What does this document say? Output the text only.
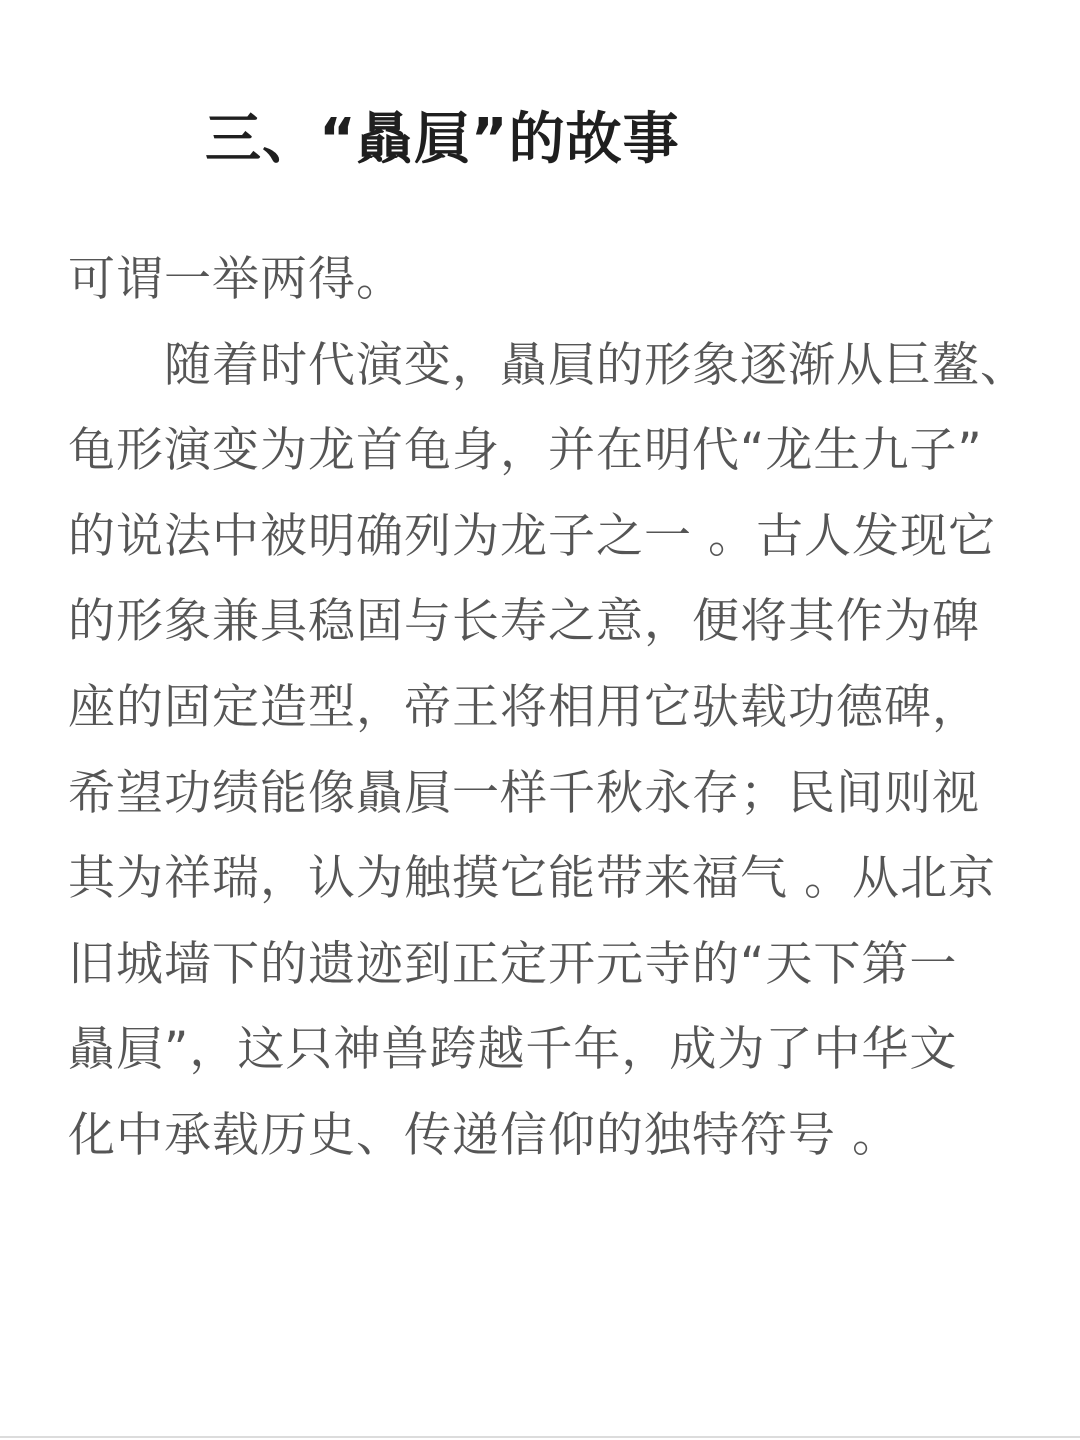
三、“贔屓”的故事
可谓一举两得。
　　随着时代演变，贔屓的形象逐渐从巨鳌、
龟形演变为龙首龟身，并在明代“龙生九子”
的说法中被明确列为龙子之一 。古人发现它
的形象兼具稳固与长寿之意，便将其作为碑
座的固定造型，帝王将相用它驮载功德碑，
希望功绩能像贔屓一样千秋永存；民间则视
其为祥瑞，认为触摸它能带来福气 。从北京
旧城墙下的遗迹到正定开元寺的“天下第一
贔屓”，这只神兽跨越千年，成为了中华文
化中承载历史、传递信仰的独特符号 。
